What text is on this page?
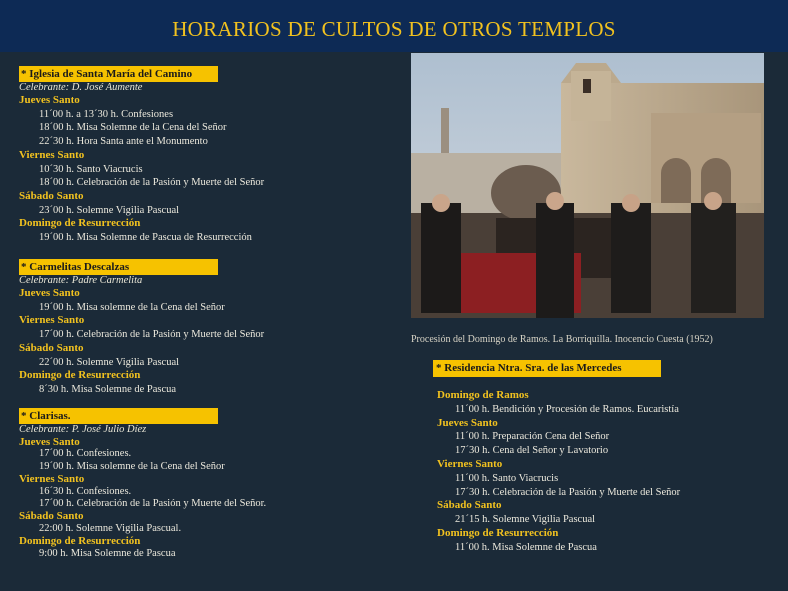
HORARIOS DE CULTOS DE OTROS TEMPLOS
* Iglesia de Santa María del Camino
Celebrante: D. José Aumente
Jueves Santo
11´00 h. a 13´30 h. Confesiones
18´00 h. Misa Solemne de la Cena del Señor
22´30 h. Hora Santa ante el Monumento
Viernes Santo
10´30 h. Santo Viacrucis
18´00 h. Celebración de la Pasión y Muerte del Señor
Sábado Santo
23´00 h. Solemne Vigilia Pascual
Domingo de Resurrección
19´00 h. Misa Solemne de Pascua de Resurrección
* Carmelitas Descalzas
Celebrante: Padre Carmelita
Jueves Santo
19´00 h. Misa solemne de la Cena del Señor
Viernes Santo
17´00 h. Celebración de la Pasión y Muerte del Señor
Sábado Santo
22´00 h. Solemne Vigilia Pascual
Domingo de Resurrección
8´30 h. Misa Solemne de Pascua
* Clarisas.
Celebrante: P. José Julio Díez
Jueves Santo
17´00 h. Confesiones.
19´00 h. Misa solemne de la Cena del Señor
Viernes Santo
16´30 h. Confesiones.
17´00 h. Celebración de la Pasión y Muerte del Señor.
Sábado Santo
22:00 h. Solemne Vigilia Pascual.
Domingo de Resurrección
9:00 h. Misa Solemne de Pascua
Procesión del Domingo de Ramos. La Borriquilla. Inocencio Cuesta (1952)
* Residencia Ntra. Sra. de las Mercedes
Domingo de Ramos
11´00 h. Bendición y Procesión de Ramos. Eucaristía
Jueves Santo
11´00 h. Preparación Cena del Señor
17´30 h. Cena del Señor y Lavatorio
Viernes Santo
11´00 h. Santo Viacrucis
17´30 h. Celebración de la Pasión y Muerte del Señor
Sábado Santo
21´15 h. Solemne Vigilia Pascual
Domingo de Resurrección
11´00 h. Misa Solemne de Pascua
